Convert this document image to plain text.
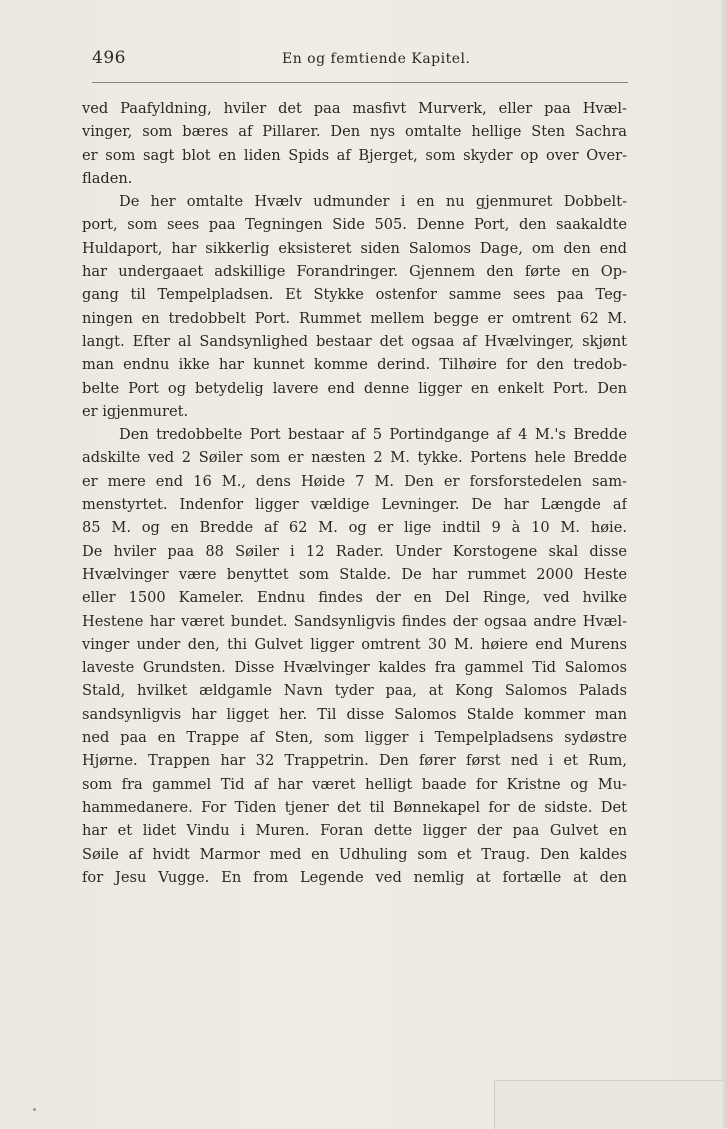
496	En og femtiende Kapitel.
ved Paafyldning, hviler det paa masfivt Murverk, eller paa Hvæl-
vinger, som bæres af Pillarer. Den nys omtalte hellige Sten Sachra
er som sagt blot en liden Spids af Bjerget, som skyder op over Over-
fladen.
De her omtalte Hvælv udmunder i en nu gjenmuret Dobbelt-
port, som sees paa Tegningen Side 505. Denne Port, den saakaldte
Huldaport, har sikkerlig eksisteret siden Salomos Dage, om den end
har undergaaet adskillige Forandringer. Gjennem den førte en Op-
gang til Tempelpladsen. Et Stykke ostenfor samme sees paa Teg-
ningen en tredobbelt Port. Rummet mellem begge er omtrent 62 M.
langt. Efter al Sandsynlighed bestaar det ogsaa af Hvælvinger, skjønt
man endnu ikke har kunnet komme derind. Tilhøire for den tredob-
belte Port og betydelig lavere end denne ligger en enkelt Port. Den
er igjenmuret.
Den tredobbelte Port bestaar af 5 Portindgange af 4 M.'s Bredde
adskilte ved 2 Søiler som er næsten 2 M. tykke. Portens hele Bredde
er mere end 16 M., dens Høide 7 M. Den er forsforstedelen sam-
menstyrtet. Indenfor ligger vældige Levninger. De har Længde af
85 M. og en Bredde af 62 M. og er lige indtil 9 à 10 M. høie.
De hviler paa 88 Søiler i 12 Rader. Under Korstogene skal disse
Hvælvinger være benyttet som Stalde. De har rummet 2000 Heste
eller 1500 Kameler. Endnu findes der en Del Ringe, ved hvilke
Hestene har været bundet. Sandsynligvis findes der ogsaa andre Hvæl-
vinger under den, thi Gulvet ligger omtrent 30 M. høiere end Murens
laveste Grundsten. Disse Hvælvinger kaldes fra gammel Tid Salomos
Stald, hvilket ældgamle Navn tyder paa, at Kong Salomos Palads
sandsynligvis har ligget her. Til disse Salomos Stalde kommer man
ned paa en Trappe af Sten, som ligger i Tempelpladsens sydøstre
Hjørne. Trappen har 32 Trappetrin. Den fører først ned i et Rum,
som fra gammel Tid af har været helligt baade for Kristne og Mu-
hammedanere. For Tiden tjener det til Bønnekapel for de sidste. Det
har et lidet Vindu i Muren. Foran dette ligger der paa Gulvet en
Søile af hvidt Marmor med en Udhuling som et Traug. Den kaldes
for Jesu Vugge. En from Legende ved nemlig at fortælle at den
